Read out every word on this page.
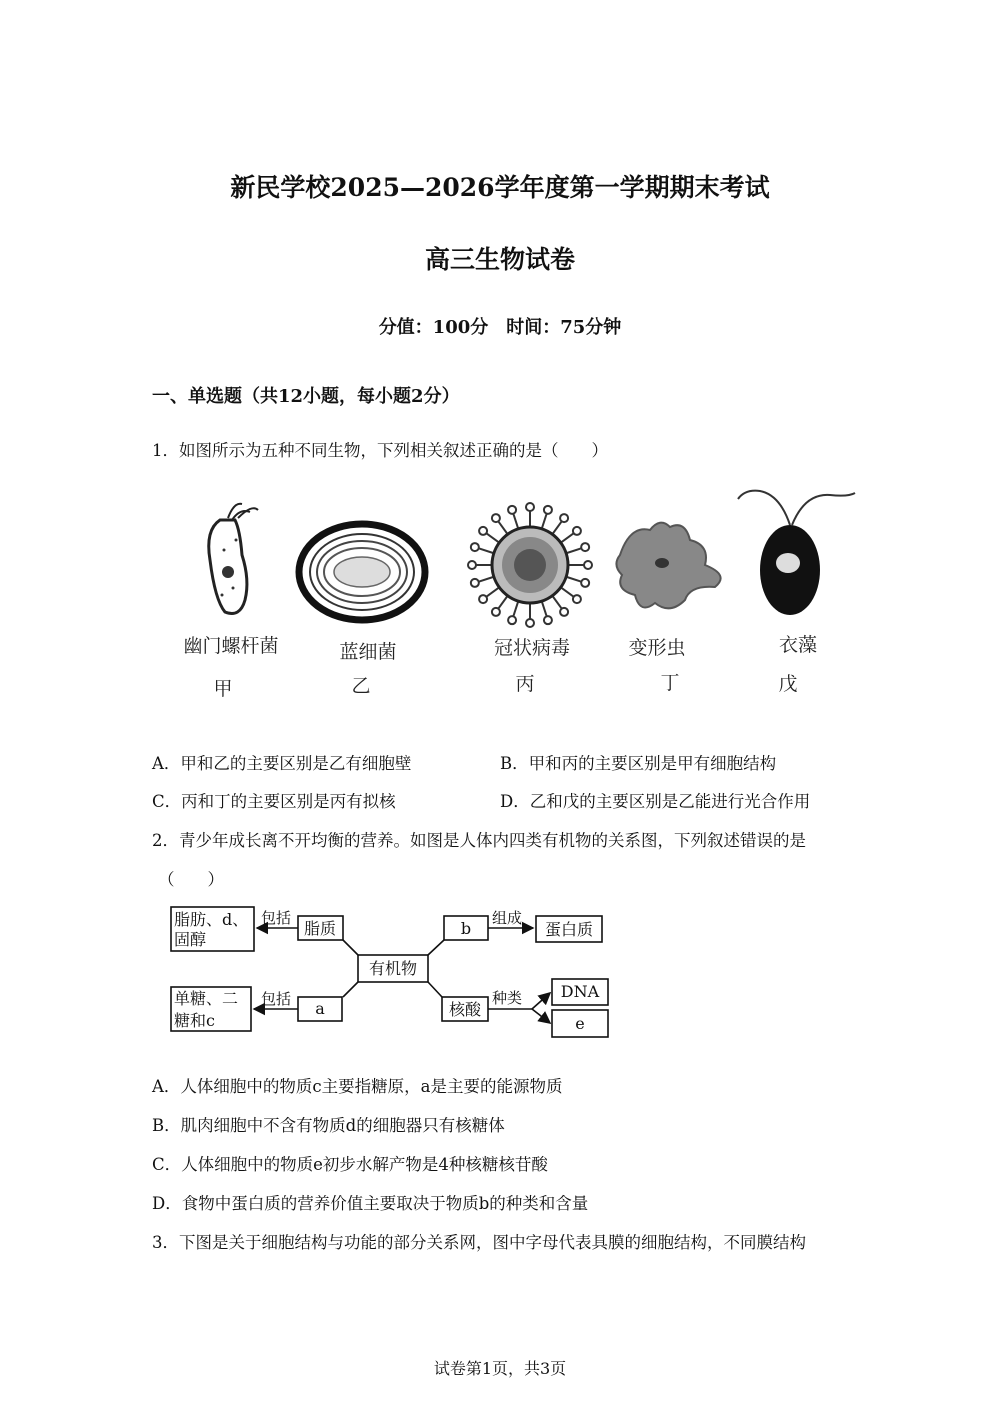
新民学校2025—2026学年度第一学期期末考试
高三生物试卷
分值：100分　时间：75分钟
一、单选题（共12小题，每小题2分）
1．如图所示为五种不同生物，下列相关叙述正确的是（　　）
幽门螺杆菌	蓝细菌	冠状病毒	变形虫	衣藻
甲	乙	丙	丁	戊
A．甲和乙的主要区别是乙有细胞壁	B．甲和丙的主要区别是甲有细胞结构
C．丙和丁的主要区别是丙有拟核	D．乙和戊的主要区别是乙能进行光合作用
2．青少年成长离不开均衡的营养。如图是人体内四类有机物的关系图，下列叙述错误的是
（　　）
脂肪、d、
固醇
包括
脂质
有机物
b
组成
蛋白质
单糖、二
糖和c
包括 a	核酸
种类 DNA
e
A．人体细胞中的物质c主要指糖原，a是主要的能源物质
B．肌肉细胞中不含有物质d的细胞器只有核糖体
C．人体细胞中的物质e初步水解产物是4种核糖核苷酸
D．食物中蛋白质的营养价值主要取决于物质b的种类和含量
3．下图是关于细胞结构与功能的部分关系网，图中字母代表具膜的细胞结构，不同膜结构
试卷第1页，共3页
